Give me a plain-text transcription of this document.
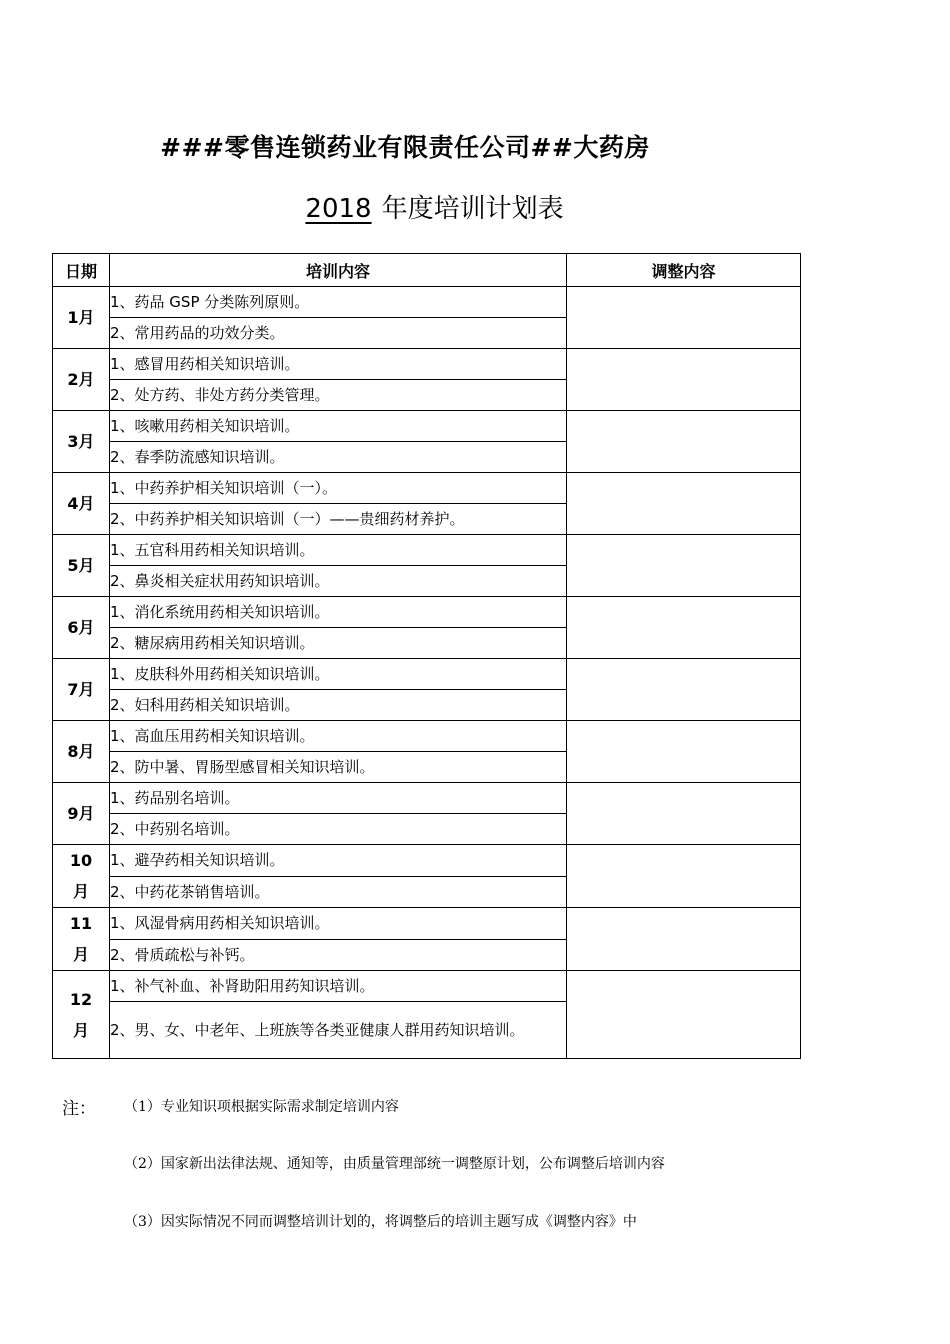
###零售连锁药业有限责任公司##大药房
2018 年度培训计划表
日期	培训内容	调整内容
1月	1、药品 GSP 分类陈列原则。	
	2、常用药品的功效分类。	
2月	1、感冒用药相关知识培训。	
	2、处方药、非处方药分类管理。	
3月	1、咳嗽用药相关知识培训。	
	2、春季防流感知识培训。	
4月	1、中药养护相关知识培训（一）。	
	2、中药养护相关知识培训（一）——贵细药材养护。	
5月	1、五官科用药相关知识培训。	
	2、鼻炎相关症状用药知识培训。	
6月	1、消化系统用药相关知识培训。	
	2、糖尿病用药相关知识培训。	
7月	1、皮肤科外用药相关知识培训。	
	2、妇科用药相关知识培训。	
8月	1、高血压用药相关知识培训。	
	2、防中暑、胃肠型感冒相关知识培训。	
9月	1、药品别名培训。	
	2、中药别名培训。	
10月	1、避孕药相关知识培训。	
	2、中药花茶销售培训。	
11月	1、风湿骨病用药相关知识培训。	
	2、骨质疏松与补钙。	
12月	1、补气补血、补肾助阳用药知识培训。	
	2、男、女、中老年、上班族等各类亚健康人群用药知识培训。	
注： （1）专业知识项根据实际需求制定培训内容
（2）国家新出法律法规、通知等，由质量管理部统一调整原计划，公布调整后培训内容
（3）因实际情况不同而调整培训计划的，将调整后的培训主题写成《调整内容》中
